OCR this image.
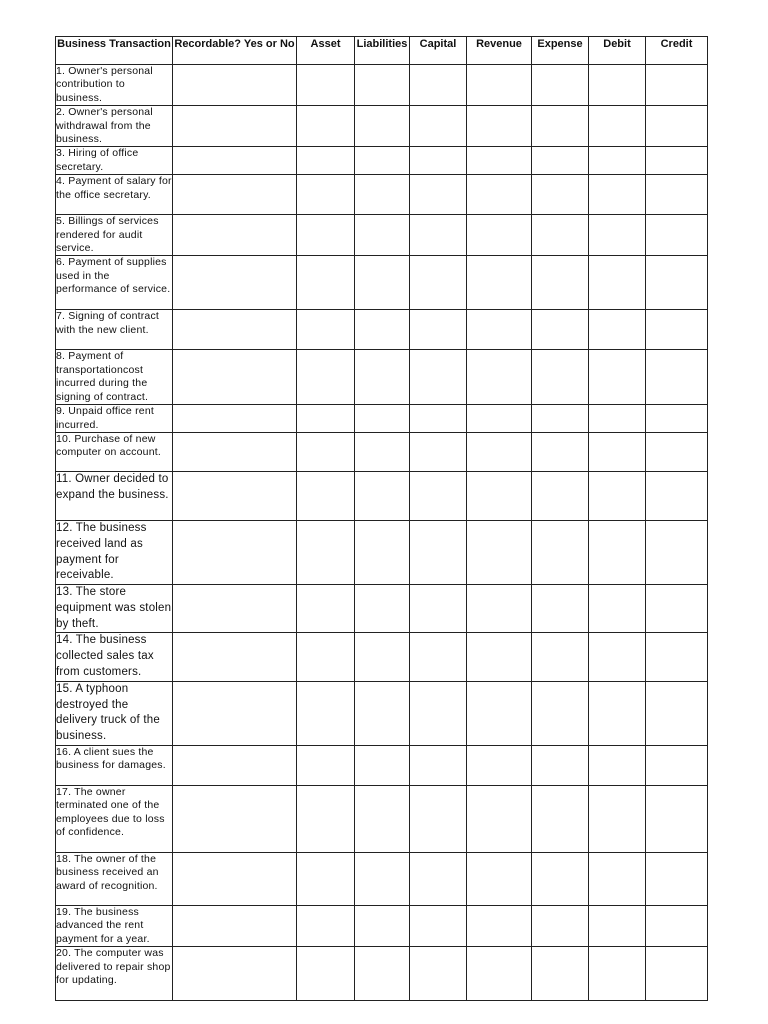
Business Transaction	Recordable? Yes or No	Asset	Liabilities	Capital	Revenue	Expense	Debit	Credit
1. Owner's personal contribution to business.								
2. Owner's personal withdrawal from the business.								
3. Hiring of office secretary.								
4. Payment of salary for the office secretary.								
5. Billings of services rendered for audit service.								
6. Payment of supplies used in the performance of service.								
7. Signing of contract with the new client.								
8. Payment of transportationcost incurred during the signing of contract.								
9. Unpaid office rent incurred.								
10. Purchase of new computer on account.								
11. Owner decided to expand the business.								
12. The business received land as payment for receivable.								
13. The store equipment was stolen by theft.								
14. The business collected sales tax from customers.								
15. A typhoon destroyed the delivery truck of the business.								
16. A client sues the business for damages.								
17. The owner terminated one of the employees due to loss of confidence.								
18. The owner of the business received an award of recognition.								
19. The business advanced the rent payment for a year.								
20. The computer was delivered to repair shop for updating.								
